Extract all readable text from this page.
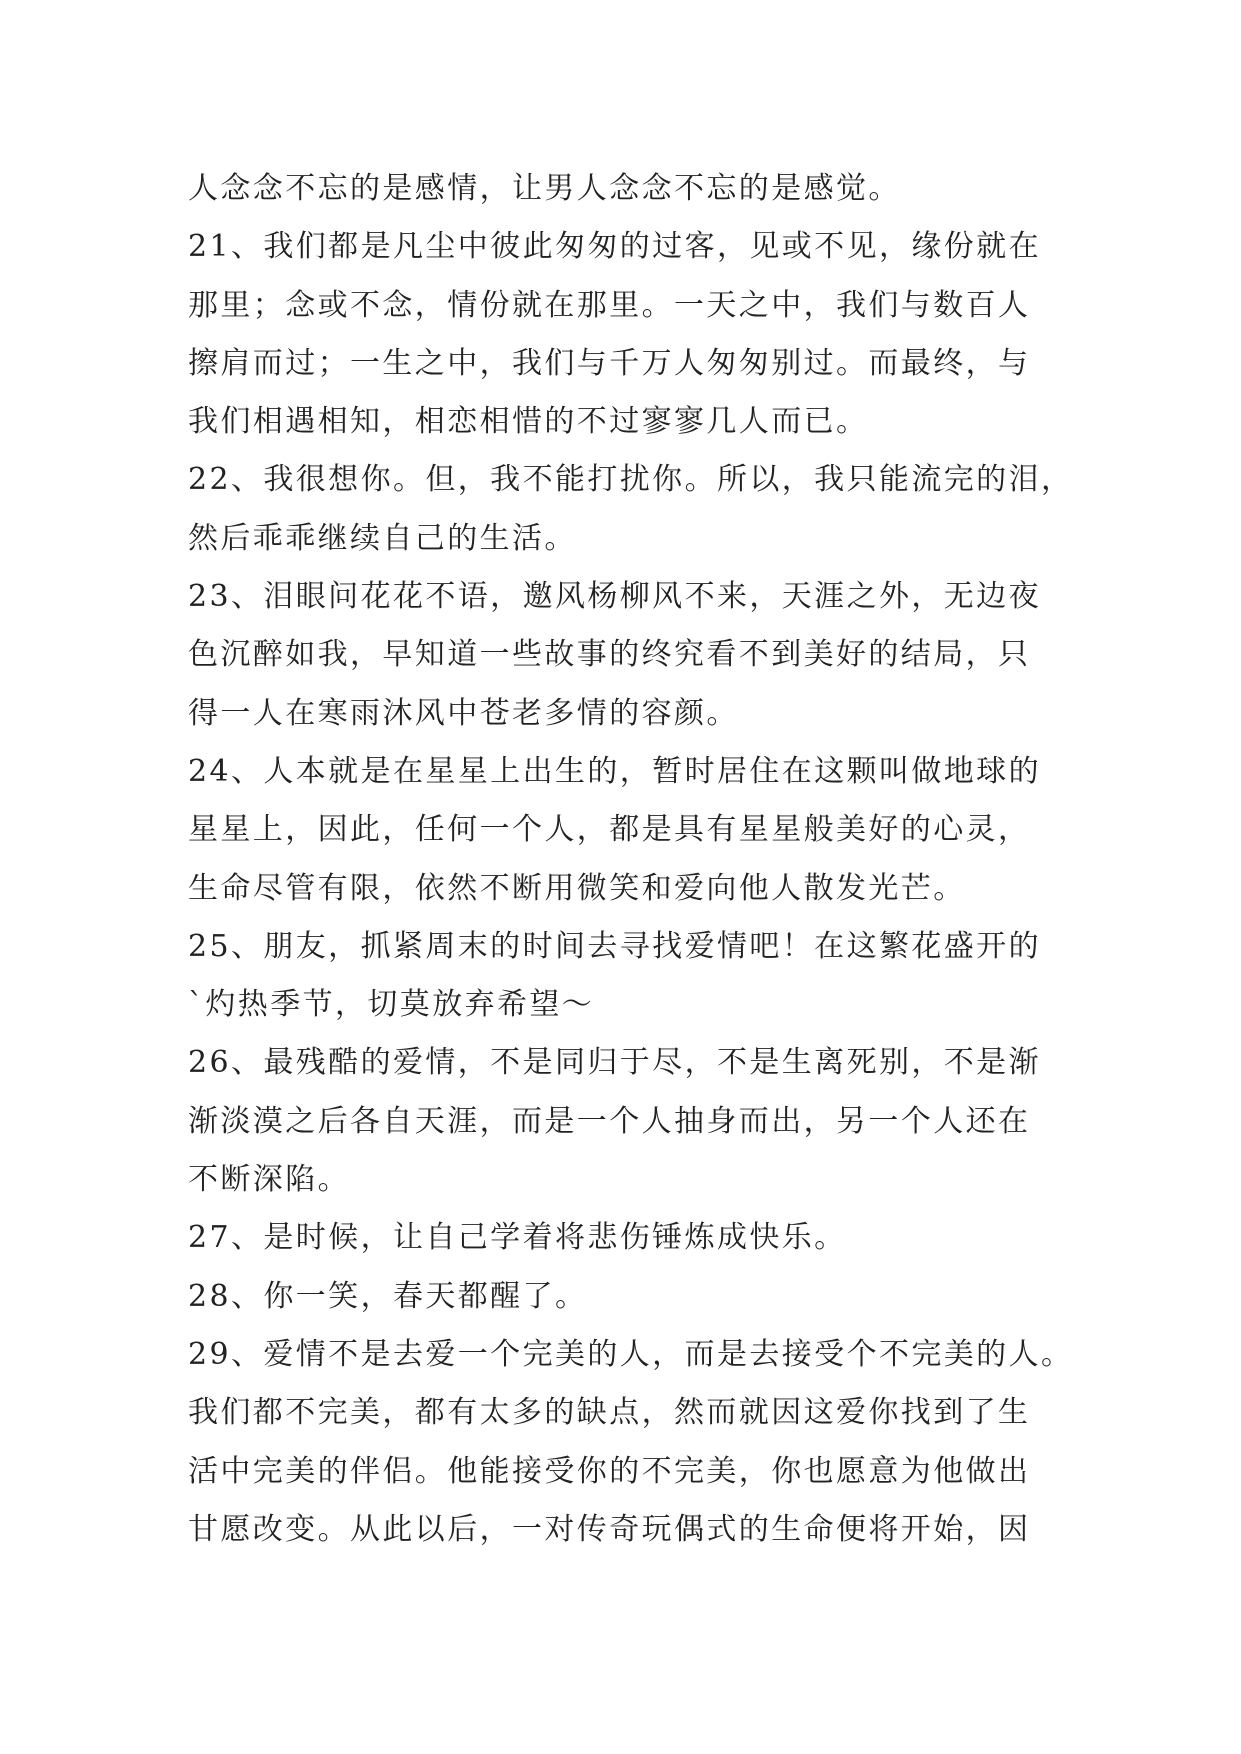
人念念不忘的是感情，让男人念念不忘的是感觉。
21、我们都是凡尘中彼此匆匆的过客，见或不见，缘份就在
那里；念或不念，情份就在那里。一天之中，我们与数百人
擦肩而过；一生之中，我们与千万人匆匆别过。而最终，与
我们相遇相知，相恋相惜的不过寥寥几人而已。
22、我很想你。但，我不能打扰你。所以，我只能流完的泪，
然后乖乖继续自己的生活。
23、泪眼问花花不语，邀风杨柳风不来，天涯之外，无边夜
色沉醉如我，早知道一些故事的终究看不到美好的结局，只
得一人在寒雨沐风中苍老多情的容颜。
24、人本就是在星星上出生的，暂时居住在这颗叫做地球的
星星上，因此，任何一个人，都是具有星星般美好的心灵，
生命尽管有限，依然不断用微笑和爱向他人散发光芒。
25、朋友，抓紧周末的时间去寻找爱情吧！在这繁花盛开的
`灼热季节，切莫放弃希望～
26、最残酷的爱情，不是同归于尽，不是生离死别，不是渐
渐淡漠之后各自天涯，而是一个人抽身而出，另一个人还在
不断深陷。
27、是时候，让自己学着将悲伤锤炼成快乐。
28、你一笑，春天都醒了。
29、爱情不是去爱一个完美的人，而是去接受个不完美的人。
我们都不完美，都有太多的缺点，然而就因这爱你找到了生
活中完美的伴侣。他能接受你的不完美，你也愿意为他做出
甘愿改变。从此以后，一对传奇玩偶式的生命便将开始，因
